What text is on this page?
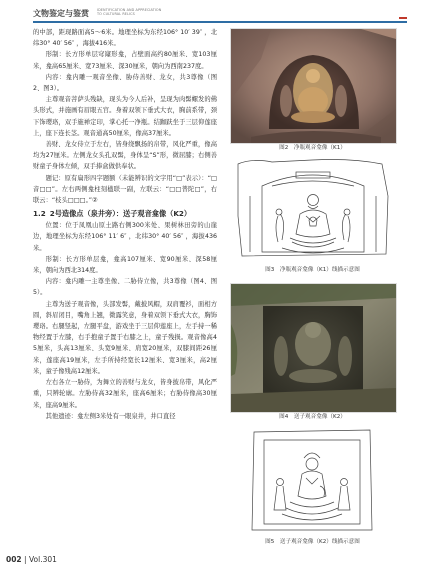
文物鉴定与鉴赏 IDENTIFICATION AND APPRECIATION
TO CULTURAL RELICS

的中部，距现路面高5～6米。地理坐标为东经106° 10′ 39″ ，北纬30° 40′ 56″ ，海拔416米。

形制：长方形单层穹窿形龛，占壁面高约80厘米、宽103厘米，龛高65厘米、宽73厘米、深30厘米，朝向为西南237度。

内容：龛内雕一观音坐像、胁侍善财、龙女，共3尊像（图2、图3）。

主尊观音菩萨头残缺，现头为今人后补，呈现为肉髻螺发的佛头形式，并施画有眉眼五官。身着双领下垂式大衣，胸前系带，颈下饰璎珞，双手施禅定印，掌心托一净瓶。结跏趺坐于三层仰莲座上，座下连长茎。观音通高50厘米，像高37厘米。

善财、龙女侍立于左右，皆身绕飘扬的帛带，风化严重，像高均为27厘米。左侧龙女头孔双髻，身体呈“S”形，微屈膝；右侧善财童子身体左倾，双手捧盒做供奉状。

题记：原有扁形四字题额（未能辨识的文字用“□”表示）：“□音□□”。左右两侧龛柱刻楹联一副，左联云：“□□普陀□”，右联云：“枝头□□□。”②

1.2 2号造像点（泉井旁）：送子观音龛像（K2）

位置：位于凤凰山原土路右侧300米处、果树林田旁的山崖边，地理坐标为东经106° 11′ 6″ ，北纬30° 40′ 56″ ，海拔436米。

形制：长方形单层龛，龛高107厘米、宽90厘米、深58厘米，朝向为西北314度。

内容：龛内雕一主尊坐像、二胁侍立像，共3尊像（图4、图5）。

主尊为送子观音像，头部发髻，戴披风帽，双肩覆衫，面相方圆，斜眉闭目，嘴角上翘，微露笑意，身着双领下垂式大衣，胸饰璎珞。右腿竖起，左腿平盘，游戏坐于三层仰莲座上，左手持一稀物经置于左膝，右手抱童子置于右膝之上，童子残损。观音像高45厘米，头高13厘米、头宽9厘米、肩宽20厘米，双膝间距26厘米，莲座高19厘米，左手所持经宽长12厘米、宽3厘米，高2厘米，童子像残高12厘米。

左右各立一胁侍，为舞立的善财与龙女，皆身披帛带，风化严重，只辨轮廓。左胁侍高32厘米，座高6厘米；右胁侍像高30厘米，座高9厘米。

其他遗迹：龛左侧3米处有一眼泉井，井口直径

图2　净瓶观音龛像（K1）
图3　净瓶观音龛像（K1）线描示意图
图4　送子观音龛像（K2）
图5　送子观音龛像（K2）线描示意图
002 | Vol.301
